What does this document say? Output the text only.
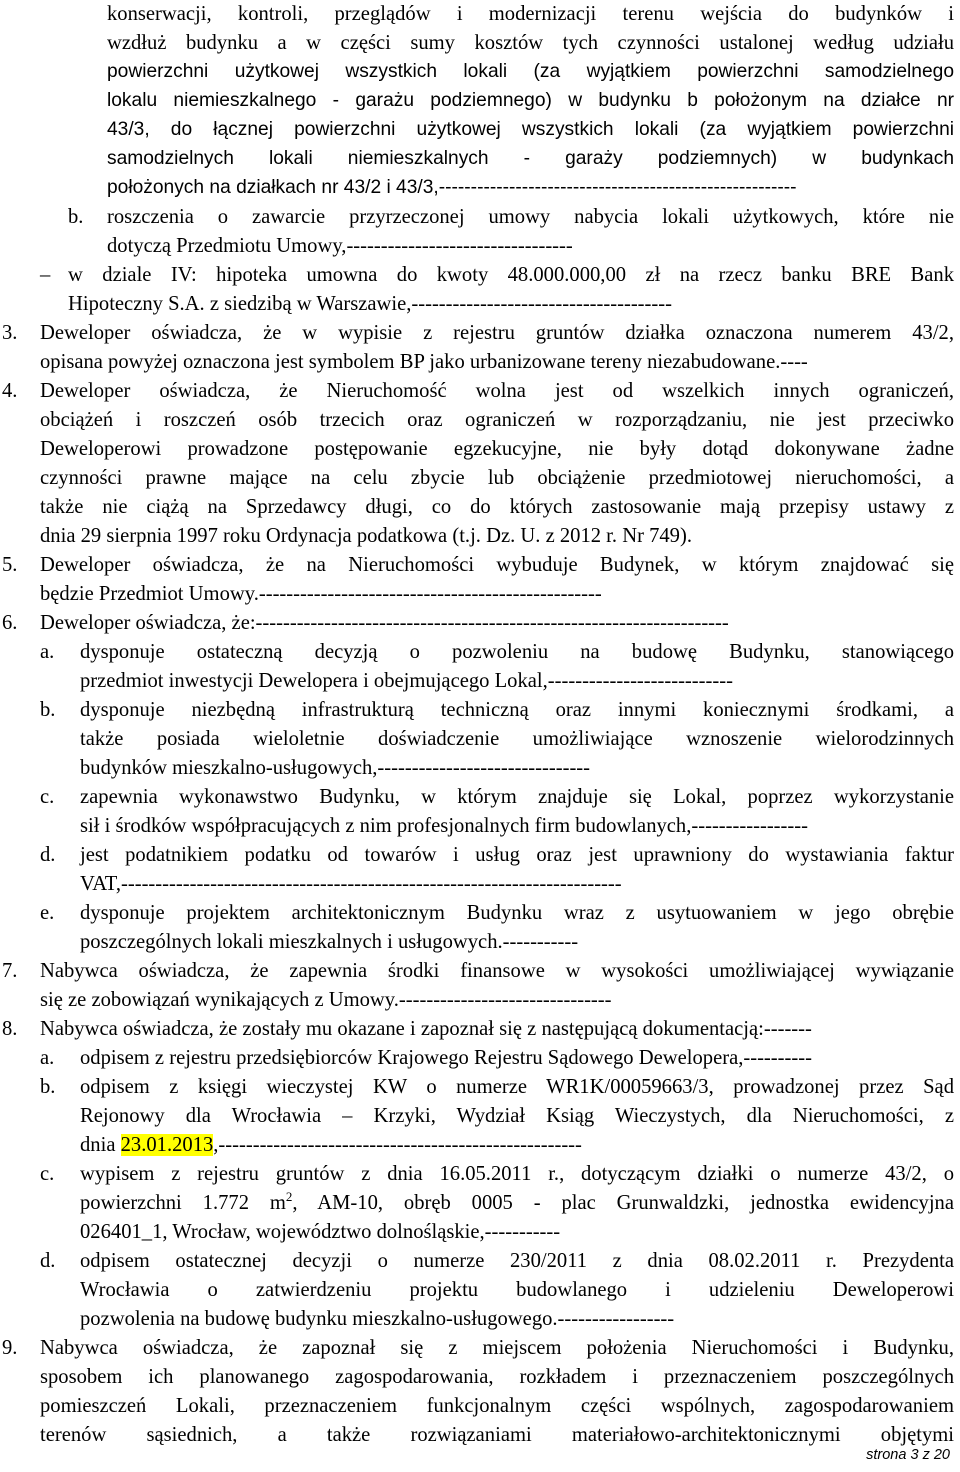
konserwacji, kontroli, przeglądów i modernizacji terenu wejścia do budynków i
wzdłuż budynku a w części sumy kosztów tych czynności ustalonej według udziału
powierzchni użytkowej wszystkich lokali (za wyjątkiem powierzchni samodzielnego
lokalu niemieszkalnego - garażu podziemnego) w budynku b położonym na działce nr
43/3, do łącznej powierzchni użytkowej wszystkich lokali (za wyjątkiem powierzchni
samodzielnych lokali niemieszkalnych - garaży podziemnych) w budynkach
położonych na działkach nr 43/2 i 43/3,--------------------------------------------------------
b. roszczenia o zawarcie przyrzeczonej umowy nabycia lokali użytkowych, które nie
dotyczą Przedmiotu Umowy,---------------------------------
– w dziale IV: hipoteka umowna do kwoty 48.000.000,00 zł na rzecz banku BRE Bank
Hipoteczny S.A. z siedzibą w Warszawie,--------------------------------------
3. Deweloper oświadcza, że w wypisie z rejestru gruntów działka oznaczona numerem 43/2,
opisana powyżej oznaczona jest symbolem BP jako urbanizowane tereny niezabudowane.----
4. Deweloper oświadcza, że Nieruchomość wolna jest od wszelkich innych ograniczeń,
obciążeń i roszczeń osób trzecich oraz ograniczeń w rozporządzaniu, nie jest przeciwko
Deweloperowi prowadzone postępowanie egzekucyjne, nie były dotąd dokonywane żadne
czynności prawne mające na celu zbycie lub obciążenie przedmiotowej nieruchomości, a
także nie ciążą na Sprzedawcy długi, co do których zastosowanie mają przepisy ustawy z
dnia 29 sierpnia 1997 roku Ordynacja podatkowa (t.j. Dz. U. z 2012 r. Nr 749).
5. Deweloper oświadcza, że na Nieruchomości wybuduje Budynek, w którym znajdować się
będzie Przedmiot Umowy.--------------------------------------------------
6. Deweloper oświadcza, że:---------------------------------------------------------------------
a. dysponuje ostateczną decyzją o pozwoleniu na budowę Budynku, stanowiącego
przedmiot inwestycji Dewelopera i obejmującego Lokal,---------------------------
b. dysponuje niezbędną infrastrukturą techniczną oraz innymi koniecznymi środkami, a
także posiada wieloletnie doświadczenie umożliwiające wznoszenie wielorodzinnych
budynków mieszkalno-usługowych,-------------------------------
c. zapewnia wykonawstwo Budynku, w którym znajduje się Lokal, poprzez wykorzystanie
sił i środków współpracujących z nim profesjonalnych firm budowlanych,-----------------
d. jest podatnikiem podatku od towarów i usług oraz jest uprawniony do wystawiania faktur
VAT,-------------------------------------------------------------------------
e. dysponuje projektem architektonicznym Budynku wraz z usytuowaniem w jego obrębie
poszczególnych lokali mieszkalnych i usługowych.-----------
7. Nabywca oświadcza, że zapewnia środki finansowe w wysokości umożliwiającej wywiązanie
się ze zobowiązań wynikających z Umowy.-------------------------------
8. Nabywca oświadcza, że zostały mu okazane i zapoznał się z następującą dokumentacją:-------
a. odpisem z rejestru przedsiębiorców Krajowego Rejestru Sądowego Dewelopera,----------
b. odpisem z księgi wieczystej KW o numerze WR1K/00059663/3, prowadzonej przez Sąd
Rejonowy dla Wrocławia – Krzyki, Wydział Ksiąg Wieczystych, dla Nieruchomości, z
dnia 23.01.2013,-----------------------------------------------------
c. wypisem z rejestru gruntów z dnia 16.05.2011 r., dotyczącym działki o numerze 43/2, o
powierzchni 1.772 $m^2$, AM-10, obręb 0005 - plac Grunwaldzki, jednostka ewidencyjna
026401_1, Wrocław, województwo dolnośląskie,-----------
d. odpisem ostatecznej decyzji o numerze 230/2011 z dnia 08.02.2011 r. Prezydenta
Wrocławia o zatwierdzeniu projektu budowlanego i udzieleniu Deweloperowi
pozwolenia na budowę budynku mieszkalno-usługowego.-----------------
9. Nabywca oświadcza, że zapoznał się z miejscem położenia Nieruchomości i Budynku,
sposobem ich planowanego zagospodarowania, rozkładem i przeznaczeniem poszczególnych
pomieszczeń Lokali, przeznaczeniem funkcjonalnym części wspólnych, zagospodarowaniem
terenów sąsiednich, a także rozwiązaniami materiałowo-architektonicznymi objętymi
strona 3 z 20
